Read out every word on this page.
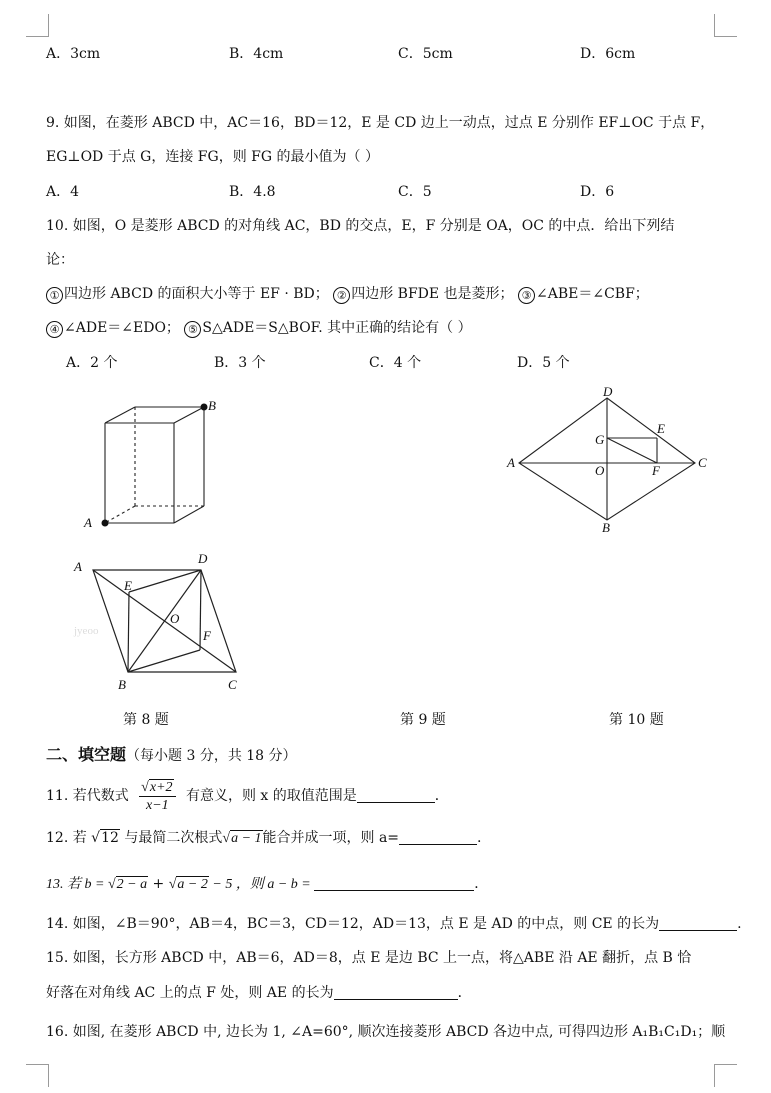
A．3cm	B．4cm	C．5cm	D．6cm
9. 如图，在菱形 ABCD 中，AC＝16，BD＝12，E 是 CD 边上一动点，过点 E 分别作 EF⊥OC 于点 F，
EG⊥OD 于点 G，连接 FG，则 FG 的最小值为（ ）
A．4	B．4.8	C．5	D．6
10. 如图，O 是菱形 ABCD 的对角线 AC，BD 的交点，E，F 分别是 OA，OC 的中点．给出下列结
论：
① 四边形 ABCD 的面积大小等于 EF · BD； ② 四边形 BFDE 也是菱形； ③ ∠ABE＝∠CBF；
④ ∠ADE＝∠EDO； ⑤ S△ADE＝S△BOF. 其中正确的结论有（ ）
A．2 个	B．3 个	C．4 个	D．5 个
B
A
D
A	C
B
O
G
E
F
A
D
E
O
F
B	C
jyeoo
第 8 题	第 9 题	第 10 题
二、填空题（每小题 3 分，共 18 分）
11. 若代数式 $\frac{√x+2}{x-1}$ 有意义，则 x 的取值范围是	．
12. 若 √12 与最简二次根式√a − 1能合并成一项，则 a=	.
13. 若 b = √2 − a + √a − 2 − 5 ，则 a − b =	．
14. 如图，∠B＝90°，AB＝4，BC＝3，CD＝12，AD＝13，点 E 是 AD 的中点，则 CE 的长为	.
15. 如图，长方形 ABCD 中，AB＝6，AD＝8，点 E 是边 BC 上一点，将△ABE 沿 AE 翻折，点 B 恰
好落在对角线 AC 上的点 F 处，则 AE 的长为	．
16. 如图, 在菱形 ABCD 中, 边长为 1, ∠A=60°, 顺次连接菱形 ABCD 各边中点, 可得四边形 A₁B₁C₁D₁；顺
